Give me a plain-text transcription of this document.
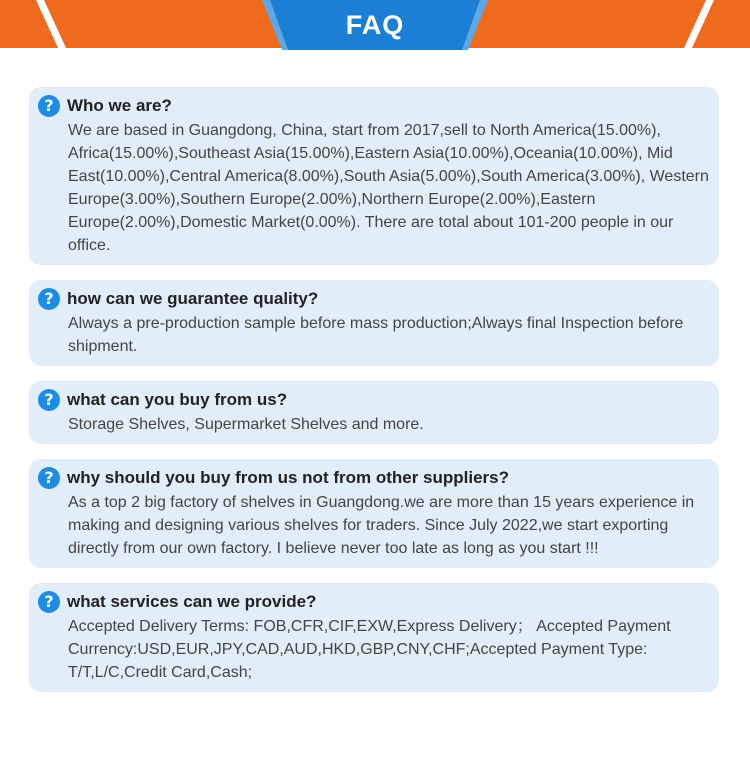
FAQ
? Who we are?
We are based in Guangdong, China, start from 2017,sell to North America(15.00%), Africa(15.00%),Southeast Asia(15.00%),Eastern Asia(10.00%),Oceania(10.00%), Mid East(10.00%),Central America(8.00%),South Asia(5.00%),South America(3.00%), Western Europe(3.00%),Southern Europe(2.00%),Northern Europe(2.00%),Eastern Europe(2.00%),Domestic Market(0.00%). There are total about 101-200 people in our office.
? how can we guarantee quality?
Always a pre-production sample before mass production;Always final Inspection before shipment.
? what can you buy from us?
Storage Shelves, Supermarket Shelves and more.
? why should you buy from us not from other suppliers?
As a top 2 big factory of shelves in Guangdong.we are more than 15 years experience in making and designing various shelves for traders. Since July 2022,we start exporting directly from our own factory. I believe never too late as long as you start !!!
? what services can we provide?
Accepted Delivery Terms: FOB,CFR,CIF,EXW,Express Delivery； Accepted Payment Currency:USD,EUR,JPY,CAD,AUD,HKD,GBP,CNY,CHF;Accepted Payment Type: T/T,L/C,Credit Card,Cash;
